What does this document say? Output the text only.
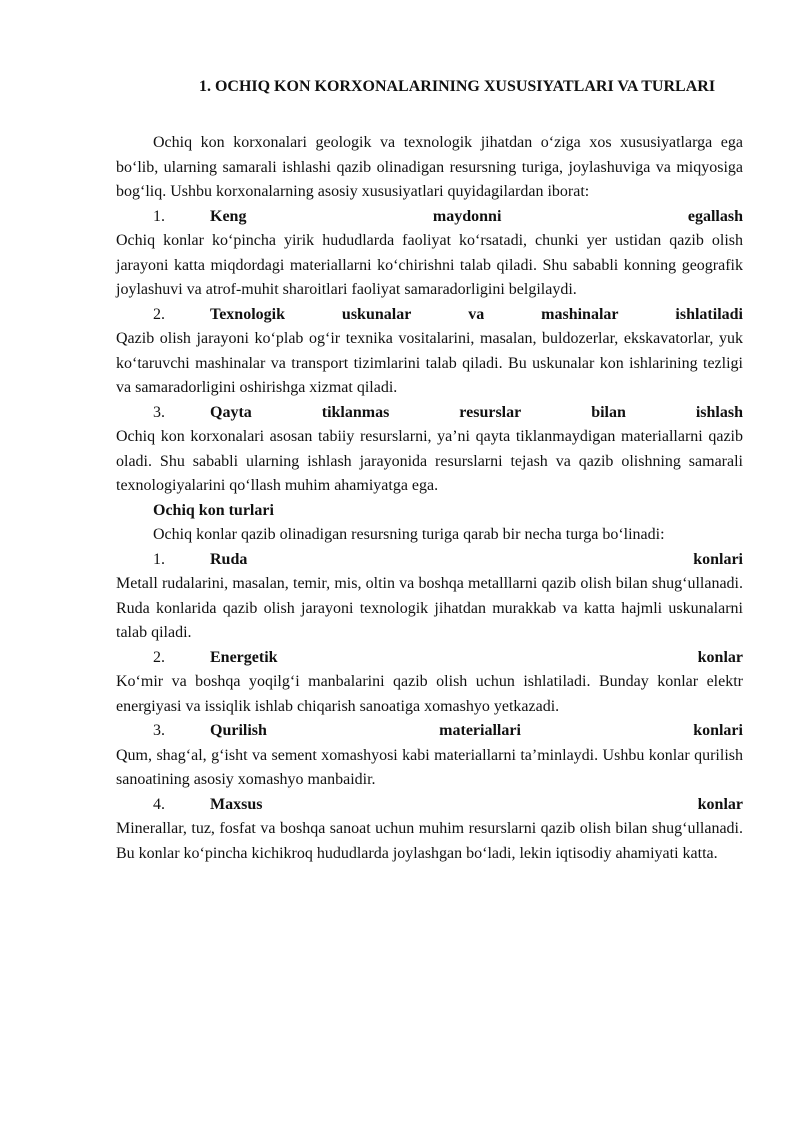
1. OCHIQ KON KORXONALARINING XUSUSIYATLARI VA TURLARI

Ochiq kon korxonalari geologik va texnologik jihatdan o‘ziga xos xususiyatlarga ega bo‘lib, ularning samarali ishlashi qazib olinadigan resursning turiga, joylashuviga va miqyosiga bog‘liq. Ushbu korxonalarning asosiy xususiyatlari quyidagilardan iborat:

1.	Keng	maydonni	egallash

Ochiq konlar ko‘pincha yirik hududlarda faoliyat ko‘rsatadi, chunki yer ustidan qazib olish jarayoni katta miqdordagi materiallarni ko‘chirishni talab qiladi. Shu sababli konning geografik joylashuvi va atrof-muhit sharoitlari faoliyat samaradorligini belgilaydi.

2.	Texnologik	uskunalar	va	mashinalar	ishlatiladi

Qazib olish jarayoni ko‘plab og‘ir texnika vositalarini, masalan, buldozerlar, ekskavatorlar, yuk ko‘taruvchi mashinalar va transport tizimlarini talab qiladi. Bu uskunalar kon ishlarining tezligi va samaradorligini oshirishga xizmat qiladi.

3.	Qayta	tiklanmas	resurslar	bilan	ishlash

Ochiq kon korxonalari asosan tabiiy resurslarni, ya’ni qayta tiklanmaydigan materiallarni qazib oladi. Shu sababli ularning ishlash jarayonida resurslarni tejash va qazib olishning samarali texnologiyalarini qo‘llash muhim ahamiyatga ega.

Ochiq kon turlari

Ochiq konlar qazib olinadigan resursning turiga qarab bir necha turga bo‘linadi:

1.	Ruda	konlari

Metall rudalarini, masalan, temir, mis, oltin va boshqa metalllarni qazib olish bilan shug‘ullanadi. Ruda konlarida qazib olish jarayoni texnologik jihatdan murakkab va katta hajmli uskunalarni talab qiladi.

2.	Energetik	konlar

Ko‘mir va boshqa yoqilg‘i manbalarini qazib olish uchun ishlatiladi. Bunday konlar elektr energiyasi va issiqlik ishlab chiqarish sanoatiga xomashyo yetkazadi.

3.	Qurilish	materiallari	konlari

Qum, shag‘al, g‘isht va sement xomashyosi kabi materiallarni ta’minlaydi. Ushbu konlar qurilish sanoatining asosiy xomashyo manbaidir.

4.	Maxsus	konlar

Minerallar, tuz, fosfat va boshqa sanoat uchun muhim resurslarni qazib olish bilan shug‘ullanadi. Bu konlar ko‘pincha kichikroq hududlarda joylashgan bo‘ladi, lekin iqtisodiy ahamiyati katta.
